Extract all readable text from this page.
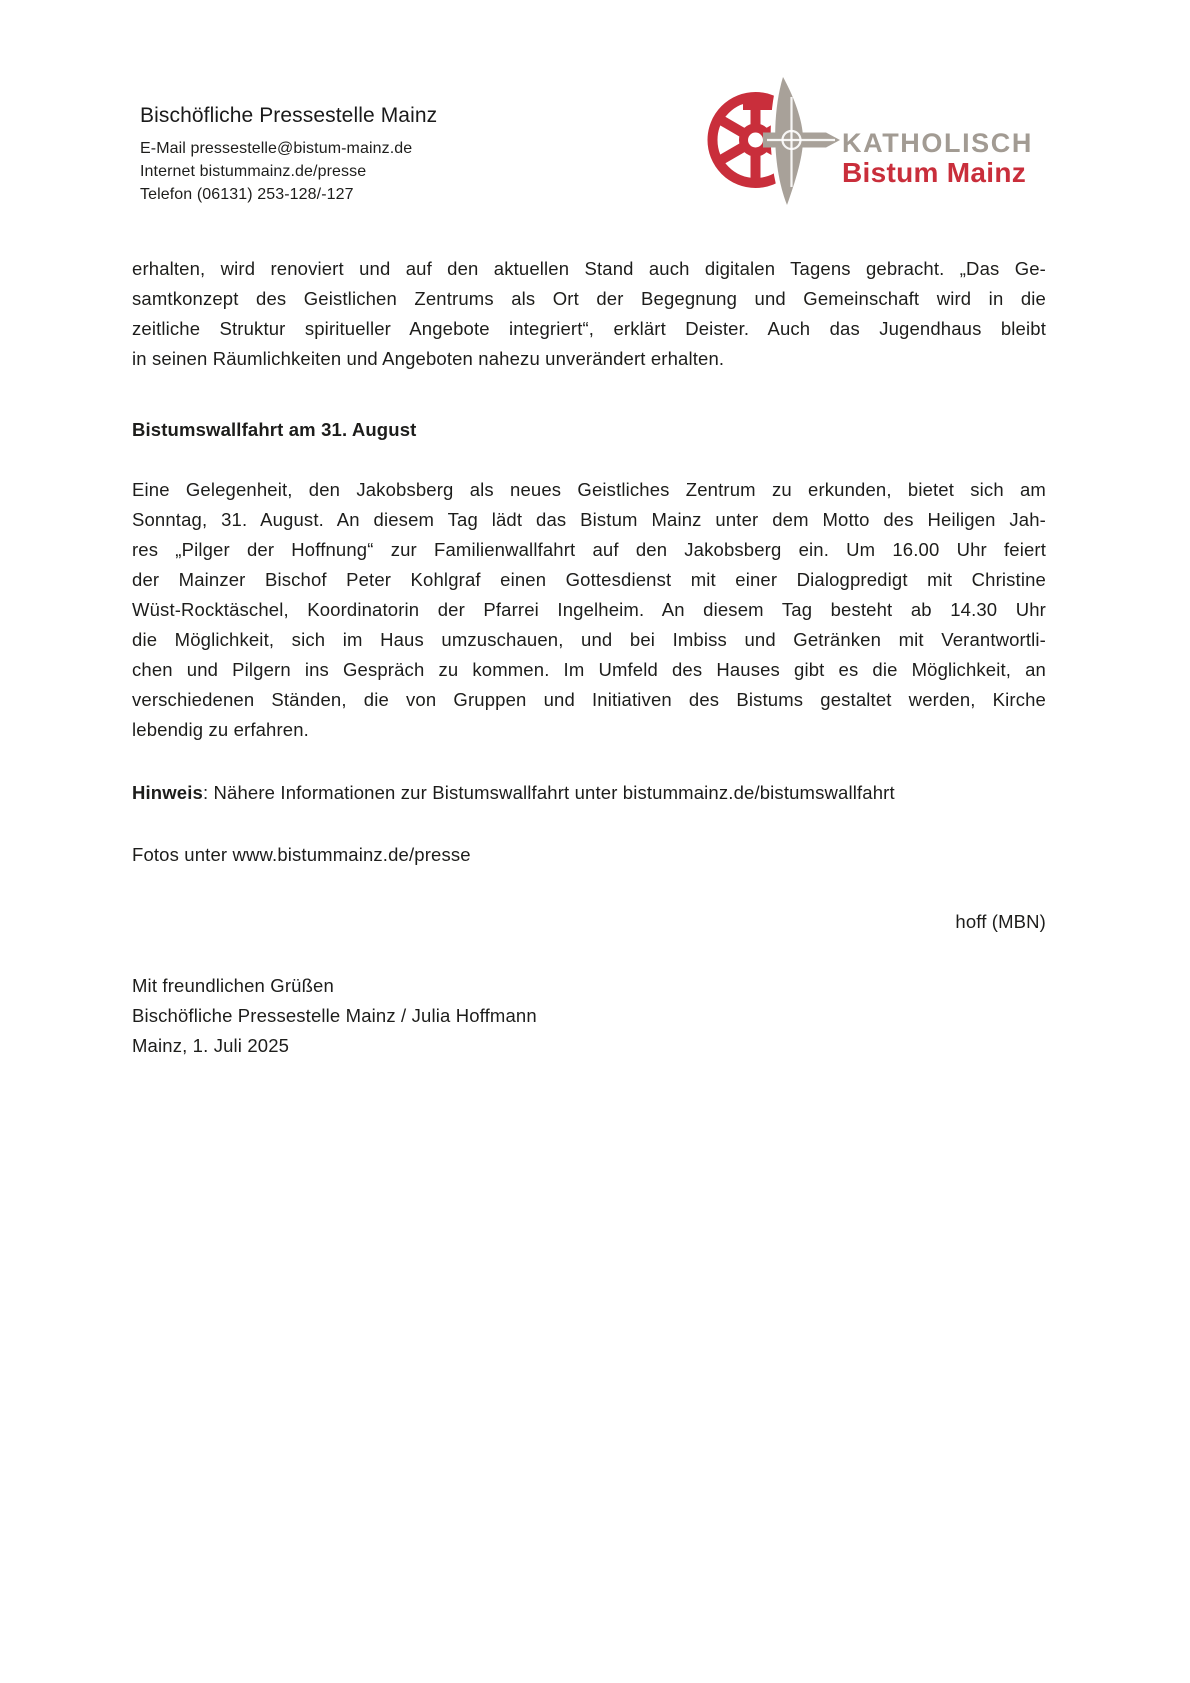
Bischöfliche Pressestelle Mainz

E-Mail pressestelle@bistum-mainz.de
Internet bistummainz.de/presse
Telefon (06131) 253-128/-127
KATHOLISCH
Bistum Mainz
erhalten, wird renoviert und auf den aktuellen Stand auch digitalen Tagens gebracht. „Das Ge-
samtkonzept des Geistlichen Zentrums als Ort der Begegnung und Gemeinschaft wird in die
zeitliche Struktur spiritueller Angebote integriert“, erklärt Deister. Auch das Jugendhaus bleibt
in seinen Räumlichkeiten und Angeboten nahezu unverändert erhalten.

Bistumswallfahrt am 31. August

Eine Gelegenheit, den Jakobsberg als neues Geistliches Zentrum zu erkunden, bietet sich am
Sonntag, 31. August. An diesem Tag lädt das Bistum Mainz unter dem Motto des Heiligen Jah-
res „Pilger der Hoffnung“ zur Familienwallfahrt auf den Jakobsberg ein. Um 16.00 Uhr feiert
der Mainzer Bischof Peter Kohlgraf einen Gottesdienst mit einer Dialogpredigt mit Christine
Wüst-Rocktäschel, Koordinatorin der Pfarrei Ingelheim. An diesem Tag besteht ab 14.30 Uhr
die Möglichkeit, sich im Haus umzuschauen, und bei Imbiss und Getränken mit Verantwortli-
chen und Pilgern ins Gespräch zu kommen. Im Umfeld des Hauses gibt es die Möglichkeit, an
verschiedenen Ständen, die von Gruppen und Initiativen des Bistums gestaltet werden, Kirche
lebendig zu erfahren.

Hinweis: Nähere Informationen zur Bistumswallfahrt unter bistummainz.de/bistumswallfahrt

Fotos unter www.bistummainz.de/presse

hoff (MBN)

Mit freundlichen Grüßen
Bischöfliche Pressestelle Mainz / Julia Hoffmann
Mainz, 1. Juli 2025
